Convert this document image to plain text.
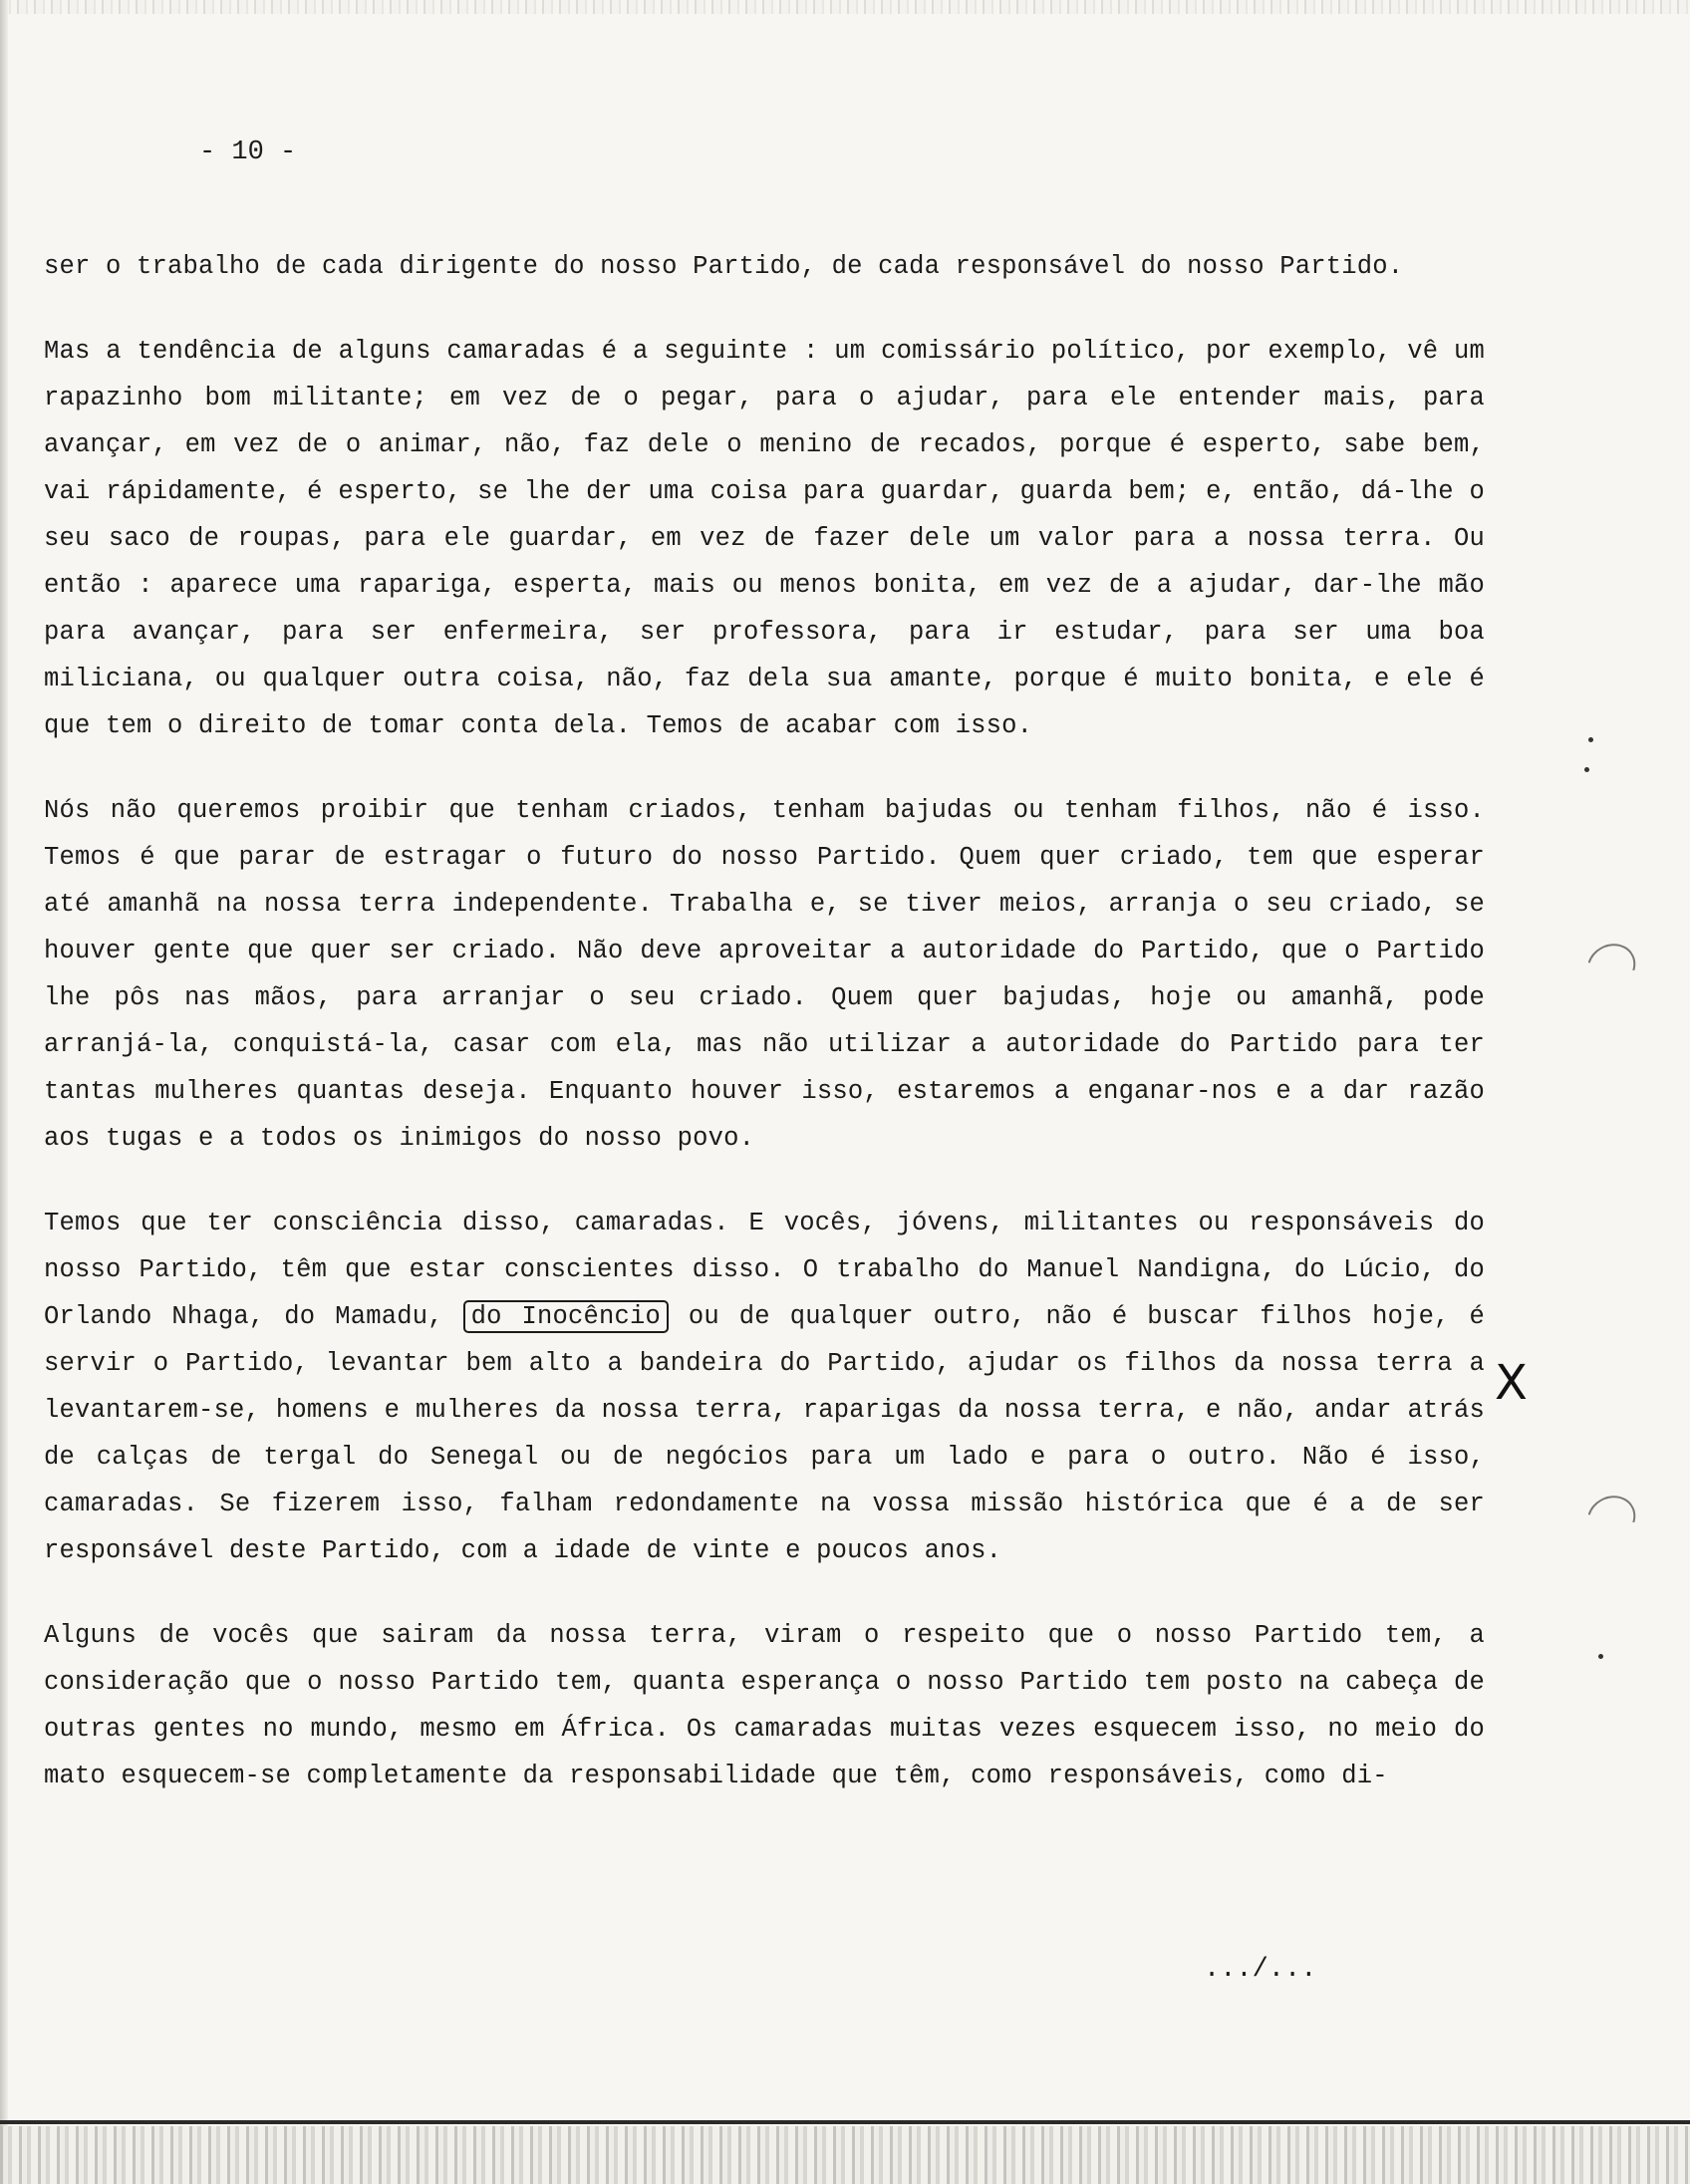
- 10 -

ser o trabalho de cada dirigente do nosso Partido, de cada responsável do nosso Partido.

Mas a tendência de alguns camaradas é a seguinte : um comissário político, por exemplo, vê um rapazinho bom militante; em vez de o pegar, para o ajudar, para ele entender mais, para avançar, em vez de o animar, não, faz dele o menino de recados, porque é esperto, sabe bem, vai rápidamente, é esperto, se lhe der uma coisa para guardar, guarda bem; e, então, dá-lhe o seu saco de roupas, para ele guardar, em vez de fazer dele um valor para a nossa terra. Ou então : aparece uma rapariga, esperta, mais ou menos bonita, em vez de a ajudar, dar-lhe mão para avançar, para ser enfermeira, ser professora, para ir estudar, para ser uma boa miliciana, ou qualquer outra coisa, não, faz dela sua amante, porque é muito bonita, e ele é que tem o direito de tomar conta dela. Temos de acabar com isso.

Nós não queremos proibir que tenham criados, tenham bajudas ou tenham filhos, não é isso. Temos é que parar de estragar o futuro do nosso Partido. Quem quer criado, tem que esperar até amanhã na nossa terra independente. Trabalha e, se tiver meios, arranja o seu criado, se houver gente que quer ser criado. Não deve aproveitar a autoridade do Partido, que o Partido lhe pôs nas mãos, para arranjar o seu criado. Quem quer bajudas, hoje ou amanhã, pode arranjá-la, conquistá-la, casar com ela, mas não utilizar a autoridade do Partido para ter tantas mulheres quantas deseja. Enquanto houver isso, estaremos a enganar-nos e a dar razão aos tugas e a todos os inimigos do nosso povo.

Temos que ter consciência disso, camaradas. E vocês, jóvens, militantes ou responsáveis do nosso Partido, têm que estar conscientes disso. O trabalho do Manuel Nandigna, do Lúcio, do Orlando Nhaga, do Mamadu, do Inocêncio ou de qualquer outro, não é buscar filhos hoje, é servir o Partido, levantar bem alto a bandeira do Partido, ajudar os filhos da nossa terra a levantarem-se, homens e mulheres da nossa terra, raparigas da nossa terra, e não, andar atrás de calças de tergal do Senegal ou de negócios para um lado e para o outro. Não é isso, camaradas. Se fizerem isso, falham redondamente na vossa missão histórica que é a de ser responsável deste Partido, com a idade de vinte e poucos anos.

Alguns de vocês que sairam da nossa terra, viram o respeito que o nosso Partido tem, a consideração que o nosso Partido tem, quanta esperança o nosso Partido tem posto na cabeça de outras gentes no mundo, mesmo em África. Os camaradas muitas vezes esquecem isso, no meio do mato esquecem-se completamente da responsabilidade que têm, como responsáveis, como di-

X

.../...
